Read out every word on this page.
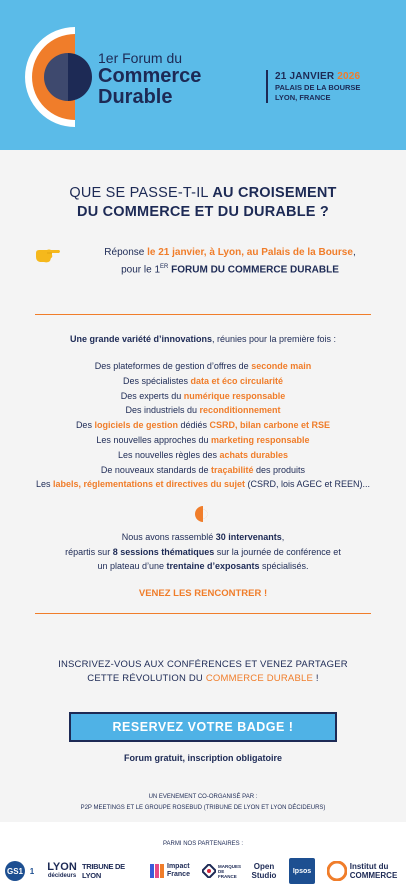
1er Forum du
Commerce
Durable
21 JANVIER 2026
PALAIS DE LA BOURSE
LYON, FRANCE
QUE SE PASSE-T-IL AU CROISEMENT
DU COMMERCE ET DU DURABLE ?
Réponse le 21 janvier, à Lyon, au Palais de la Bourse,
pour le 1ER FORUM DU COMMERCE DURABLE
Une grande variété d’innovations, réunies pour la première fois :
Des plateformes de gestion d’offres de seconde main
Des spécialistes data et éco circularité
Des experts du numérique responsable
Des industriels du reconditionnement
Des logiciels de gestion dédiés CSRD, bilan carbone et RSE
Les nouvelles approches du marketing responsable
Les nouvelles règles des achats durables
De nouveaux standards de traçabilité des produits
Les labels, réglementations et directives du sujet (CSRD, lois AGEC et REEN)...
Nous avons rassemblé 30 intervenants,
répartis sur 8 sessions thématiques sur la journée de conférence et
un plateau d’une trentaine d’exposants spécialisés.
VENEZ LES RENCONTRER !
INSCRIVEZ-VOUS AUX CONFÉRENCES ET VENEZ PARTAGER
CETTE RÉVOLUTION DU COMMERCE DURABLE !
RESERVEZ VOTRE BADGE !
Forum gratuit, inscription obligatoire
UN EVENEMENT CO-ORGANISÉ PAR :
P2P MEETINGS ET LE GROUPE ROSEBUD (TRIBUNE DE LYON ET LYON DÉCIDEURS)
PARMI NOS PARTENAIRES :
GS1 1 LYON
décideurs
TRIBUNE DE LYON
Impact
France
MARQUES DE FRANCE
Open
Studio Ipsos	Institut du
COMMERCE
